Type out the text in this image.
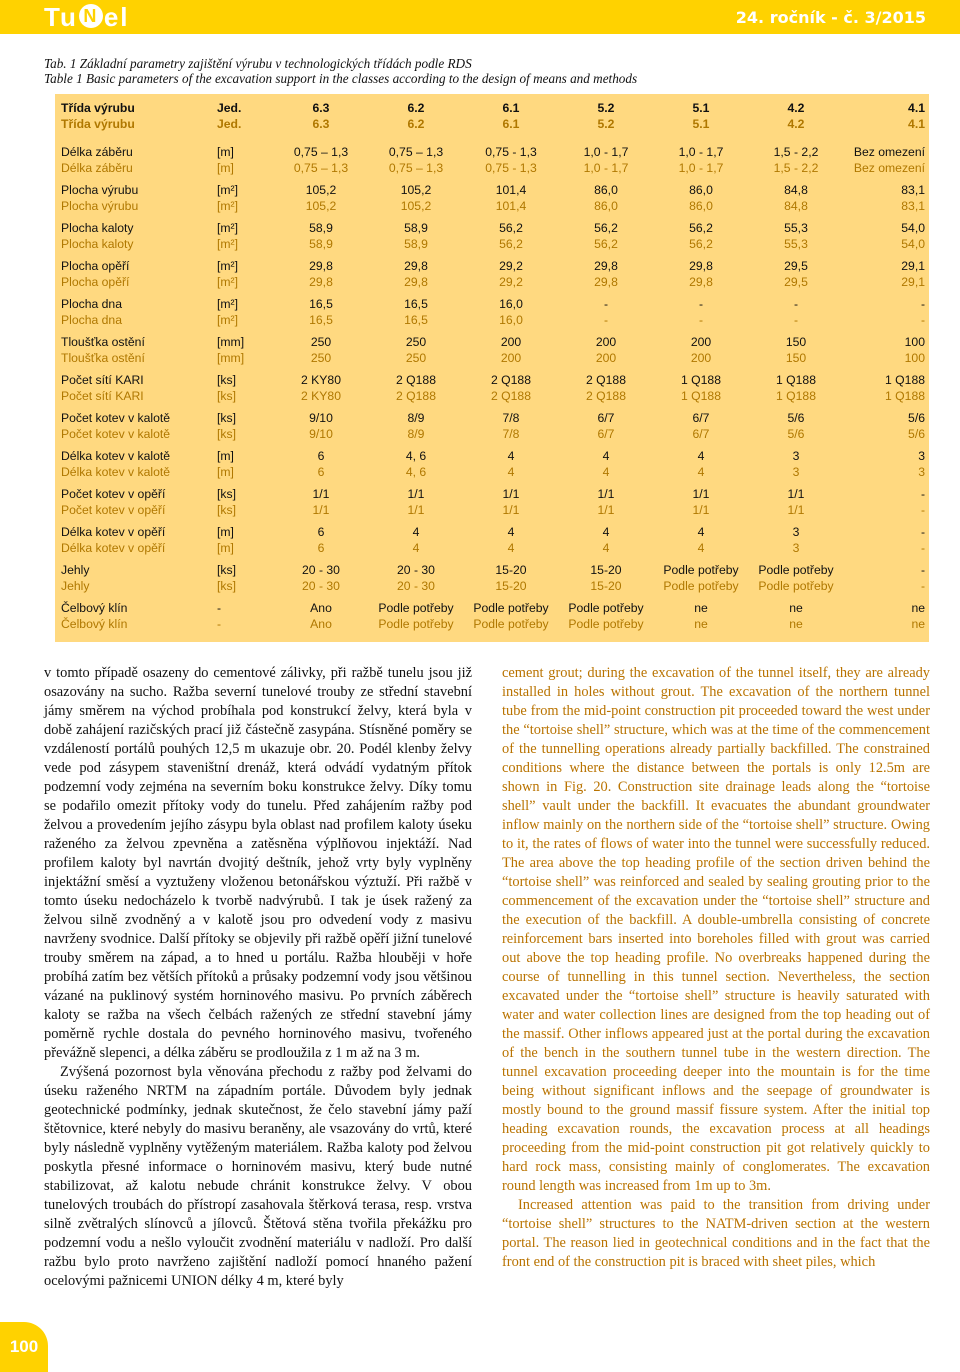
Tu N el	24. ročník - č. 3/2015
Tab. 1 Základní parametry zajištění výrubu v technologických třídách podle RDS
Table 1 Basic parameters of the excavation support in the classes according to the design of means and methods
Třída výrubu	Jed.	6.3	6.2	6.1	5.2	5.1	4.2	4.1
Třída výrubu	Jed.	6.3	6.2	6.1	5.2	5.1	4.2	4.1
Délka záběru	[m]	0,75 – 1,3	0,75 – 1,3	0,75 - 1,3	1,0 - 1,7	1,0 - 1,7	1,5 - 2,2	Bez omezení
Délka záběru	[m]	0,75 – 1,3	0,75 – 1,3	0,75 - 1,3	1,0 - 1,7	1,0 - 1,7	1,5 - 2,2	Bez omezení
Plocha výrubu	[m²]	105,2	105,2	101,4	86,0	86,0	84,8	83,1
Plocha výrubu	[m²]	105,2	105,2	101,4	86,0	86,0	84,8	83,1
Plocha kaloty	[m²]	58,9	58,9	56,2	56,2	56,2	55,3	54,0
Plocha kaloty	[m²]	58,9	58,9	56,2	56,2	56,2	55,3	54,0
Plocha opěří	[m²]	29,8	29,8	29,2	29,8	29,8	29,5	29,1
Plocha opěří	[m²]	29,8	29,8	29,2	29,8	29,8	29,5	29,1
Plocha dna	[m²]	16,5	16,5	16,0	-	-	-	-
Plocha dna	[m²]	16,5	16,5	16,0	-	-	-	-
Tloušťka ostění	[mm]	250	250	200	200	200	150	100
Tloušťka ostění	[mm]	250	250	200	200	200	150	100
Počet sítí KARI	[ks]	2 KY80	2 Q188	2 Q188	2 Q188	1 Q188	1 Q188	1 Q188
Počet sítí KARI	[ks]	2 KY80	2 Q188	2 Q188	2 Q188	1 Q188	1 Q188	1 Q188
Počet kotev v kalotě	[ks]	9/10	8/9	7/8	6/7	6/7	5/6	5/6
Počet kotev v kalotě	[ks]	9/10	8/9	7/8	6/7	6/7	5/6	5/6
Délka kotev v kalotě	[m]	6	4, 6	4	4	4	3	3
Délka kotev v kalotě	[m]	6	4, 6	4	4	4	3	3
Počet kotev v opěří	[ks]	1/1	1/1	1/1	1/1	1/1	1/1	-
Počet kotev v opěří	[ks]	1/1	1/1	1/1	1/1	1/1	1/1	-
Délka kotev v opěří	[m]	6	4	4	4	4	3	-
Délka kotev v opěří	[m]	6	4	4	4	4	3	-
Jehly	[ks]	20 - 30	20 - 30	15-20	15-20	Podle potřeby	Podle potřeby	-
Jehly	[ks]	20 - 30	20 - 30	15-20	15-20	Podle potřeby	Podle potřeby	-
Čelbový klín	-	Ano	Podle potřeby	Podle potřeby	Podle potřeby	ne	ne	ne
Čelbový klín	-	Ano	Podle potřeby	Podle potřeby	Podle potřeby	ne	ne	ne

v tomto případě osazeny do cementové zálivky, při ražbě tunelu jsou již osazovány na sucho. Ražba severní tunelové trouby ze střední stavební jámy směrem na východ probíhala pod konstrukcí želvy, která byla v době zahájení razičských prací již částečně zasypána. Stísněné poměry se vzdáleností portálů pouhých 12,5 m ukazuje obr. 20. Podél klenby želvy vede pod zásypem staveništní drenáž, která odvádí vydatným přítok podzemní vody zejména na severním boku konstrukce želvy. Díky tomu se podařilo omezit přítoky vody do tunelu. Před zahájením ražby pod želvou a provedením jejího zásypu byla oblast nad profilem kaloty úseku raženého za želvou zpevněna a zatěsněna výplňovou injektáží. Nad profilem kaloty byl navrtán dvojitý deštník, jehož vrty byly vyplněny injektážní směsí a vyztuženy vloženou betonářskou výztuží. Při ražbě v tomto úseku nedocházelo k tvorbě nadvýrubů. I tak je úsek ražený za želvou silně zvodněný a v kalotě jsou pro odvedení vody z masivu navrženy svodnice. Další přítoky se objevily při ražbě opěří jižní tunelové trouby směrem na západ, a to hned u portálu. Ražba hlouběji v hoře probíhá zatím bez větších přítoků a průsaky podzemní vody jsou většinou vázané na puklinový systém horninového masivu. Po prvních záběrech kaloty se ražba na všech čelbách ražených ze střední stavební jámy poměrně rychle dostala do pevného horninového masivu, tvořeného převážně slepenci, a délka záběru se prodloužila z 1 m až na 3 m.

Zvýšená pozornost byla věnována přechodu z ražby pod želvami do úseku raženého NRTM na západním portále. Důvodem byly jednak geotechnické podmínky, jednak skutečnost, že čelo stavební jámy paží štětovnice, které nebyly do masivu beraněny, ale vsazovány do vrtů, které byly následně vyplněny vytěženým materiálem. Ražba kaloty pod želvou poskytla přesné informace o horninovém masivu, který bude nutné stabilizovat, až kalotu nebude chránit konstrukce želvy. V obou tunelových troubách do přístropí zasahovala štěrková terasa, resp. vrstva silně zvětralých slínovců a jílovců. Štětová stěna tvořila překážku pro podzemní vodu a nešlo vyloučit zvodnění materiálu v nadloží. Pro další ražbu bylo proto navrženo zajištění nadloží pomocí hnaného pažení ocelovými pažnicemi UNION délky 4 m, které byly

cement grout; during the excavation of the tunnel itself, they are already installed in holes without grout. The excavation of the northern tunnel tube from the mid-point construction pit proceeded toward the west under the “tortoise shell” structure, which was at the time of the commencement of the tunnelling operations already partially backfilled. The constrained conditions where the distance between the portals is only 12.5m are shown in Fig. 20. Construction site drainage leads along the “tortoise shell” vault under the backfill. It evacuates the abundant groundwater inflow mainly on the northern side of the “tortoise shell” structure. Owing to it, the rates of flows of water into the tunnel were successfully reduced. The area above the top heading profile of the section driven behind the “tortoise shell” was reinforced and sealed by sealing grouting prior to the commencement of the excavation under the “tortoise shell” structure and the execution of the backfill. A double-umbrella consisting of concrete reinforcement bars inserted into boreholes filled with grout was carried out above the top heading profile. No overbreaks happened during the course of tunnelling in this tunnel section. Nevertheless, the section excavated under the “tortoise shell” structure is heavily saturated with water and water collection lines are designed from the top heading out of the massif. Other inflows appeared just at the portal during the excavation of the bench in the southern tunnel tube in the western direction. The tunnel excavation proceeding deeper into the mountain is for the time being without significant inflows and the seepage of groundwater is mostly bound to the ground massif fissure system. After the initial top heading excavation rounds, the excavation process at all headings proceeding from the mid-point construction pit got relatively quickly to hard rock mass, consisting mainly of conglomerates. The excavation round length was increased from 1m up to 3m.

Increased attention was paid to the transition from driving under “tortoise shell” structures to the NATM-driven section at the western portal. The reason lied in geotechnical conditions and in the fact that the front end of the construction pit is braced with sheet piles, which

100
